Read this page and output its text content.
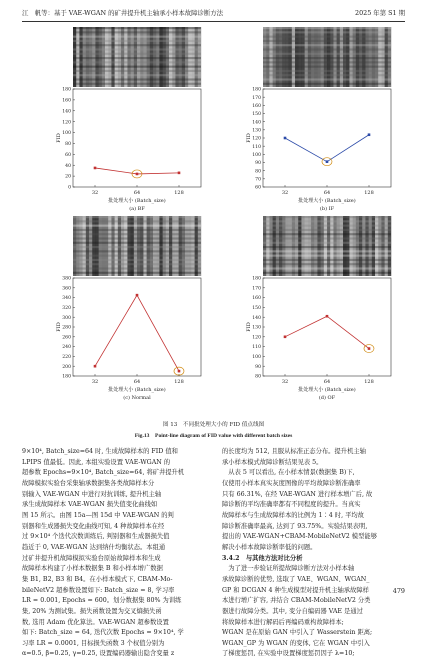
江　帆等：基于 VAE-WGAN 的矿井提升机主轴承小样本故障诊断方法	2025 年第 S1 期
0
20
40
60
80
100
120
140
160
180
FID
32	64	128
批处理大小 (Batch_size)
(a) BF
60
70
80
90
100
110
120
130
140
150
160
170
180
FID
32	64	128
批处理大小 (Batch_size)
(b) IF
180
200
220
240
260
280
300
320
340
360
380
FID
32	64	128
批处理大小 (Batch_size)
(c) Normal
80
90
100
110
120
130
140
150
160
170
180
FID
32	64	128
批处理大小 (Batch_size)
(d) OF
图 13　不同批处理大小的 FID 值点线图
Fig.13　Point-line diagram of FID value with different batch sizes
9×10⁴, Batch_size=64 时, 生成故障样本的 FID 值和
LPIPS 值最低。因此, 本组实验设置 VAE-WGAN 的
超参数 Epochs=9×10⁴, Batch_size=64, 将矿井提升机
故障模拟实验台采集轴承数据集各类故障样本分
别输入 VAE-WGAN 中进行对抗训练, 提升机主轴
承生成故障样本 VAE-WGAN 损失值变化曲线如
图 15 所示。由图 15a—图 15d 中 VAE-WGAN 的判
别器和生成器损失变化曲线可知, 4 种故障样本在经
过 9×10⁴ 个迭代次数训练后, 判别器和生成器损失值
趋近于 0, VAE-WGAN 达到纳什均衡状态。本组通
过矿井提升机故障模拟实验台原始故障样本和生成
故障样本构建了小样本数据集 B 和小样本增广数据
集 B1, B2, B3 和 B4。在小样本模式下, CBAM-Mo-
bileNetV2 超参数设置如下: Batch_size = 8, 学习率
LR = 0.001, Epochs = 600。划分数据集 80% 为训练
集, 20% 为测试集。损失函数设置为交叉熵损失函
数, 选用 Adam 优化算法。VAE-WGAN 超参数设置
如下: Batch_size = 64, 迭代次数 Epochs = 9×10⁴, 学
习率 LR = 0.0001, 目标损失函数 3 个权值分别为
α=0.5, β=0.25, γ=0.25, 设置编码器输出隐含变量 z
的长度均为 512, 且服从标准正态分布。提升机主轴
承小样本模式故障诊断结果见表 5。
　从表 5 可以看出, 在小样本情景(数据集 B)下,
仅使用小样本真实灰度图像的平均故障诊断准确率
只有 66.31%, 在经 VAE-WGAN 进行样本增广后, 故
障诊断的平均准确率都有不同程度的提升。当真实
故障样本与生成故障样本的比例为 1∶4 时, 平均故
障诊断准确率最高, 达到了 93.75%。实验结果表明,
提出的 VAE-WGAN+CBAM-MobileNetV2 模型能够
解决小样本故障诊断率低的问题。
3.4.2　与其他方法对比分析
　为了进一步验证所提故障诊断方法对小样本轴
承故障诊断的优势, 选取了 VAE、WGAN、WGAN_
GP 和 DCGAN 4 种生成模型对提升机主轴承故障样
本进行增广扩容, 并结合 CBAM-MobileNetV2 分类
器进行故障分类。其中, 变分自编码器 VAE 是通过
将故障样本进行解码后再编码重构故障样本;
WGAN 是在原始 GAN 中引入了 Wasserstein 距离;
WGAN_GP 为 WGAN 的变体, 它在 WGAN 中引入
了梯度惩罚, 在实验中设置梯度惩罚因子 λ=10;
479
